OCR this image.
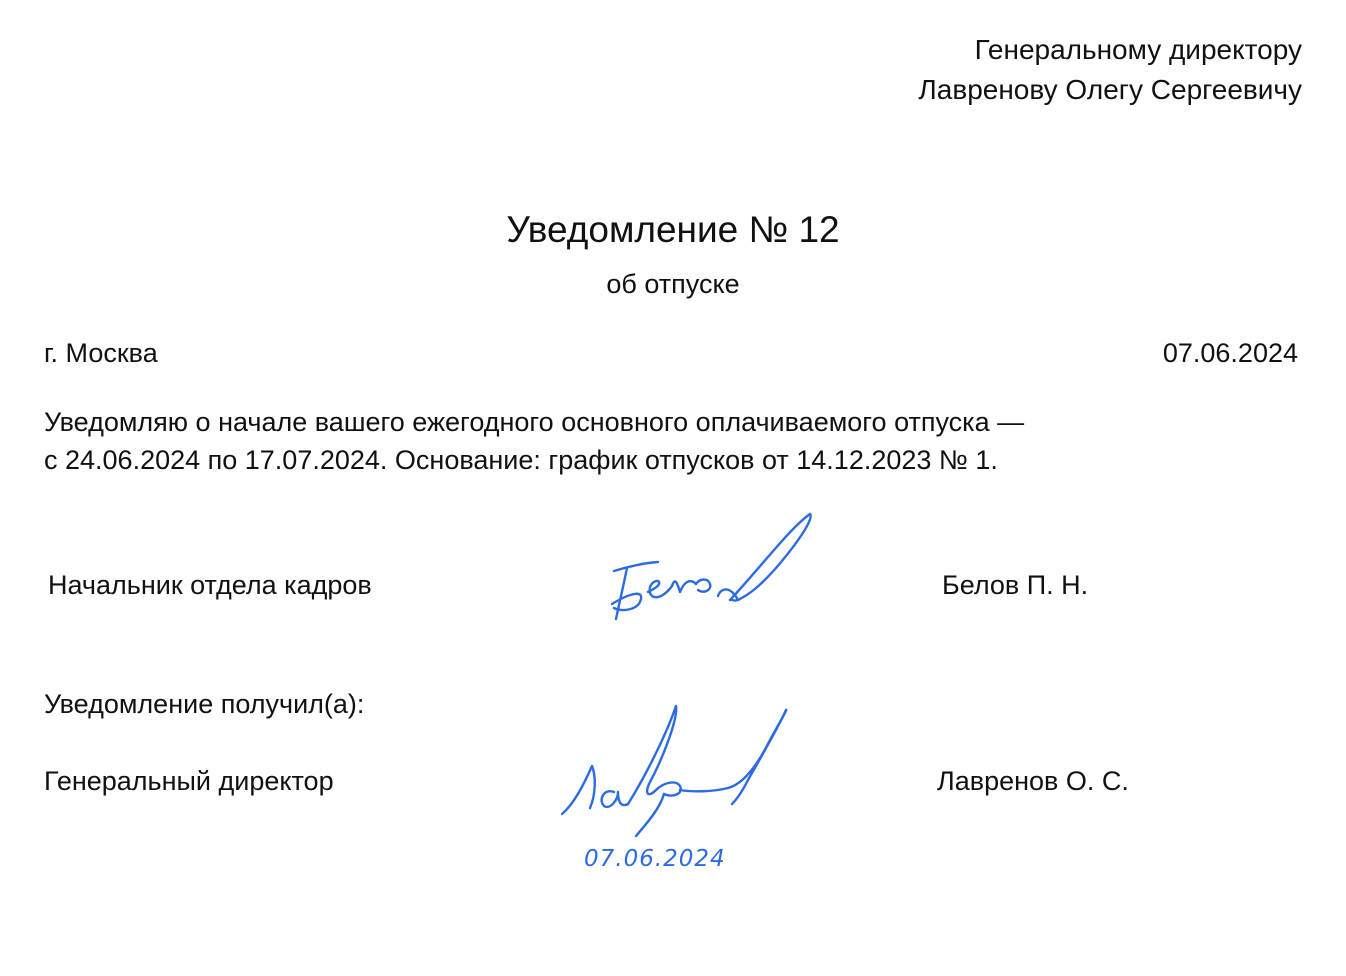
Генеральному директору
Лавренову Олегу Сергеевичу
Уведомление № 12
об отпуске
г. Москва	07.06.2024
Уведомляю о начале вашего ежегодного основного оплачиваемого отпуска —
с 24.06.2024 по 17.07.2024. Основание: график отпусков от 14.12.2023 № 1.
Начальник отдела кадров	Белов П. Н.
Уведомление получил(а):
Генеральный директор
07.06.2024
Лавренов О. С.
